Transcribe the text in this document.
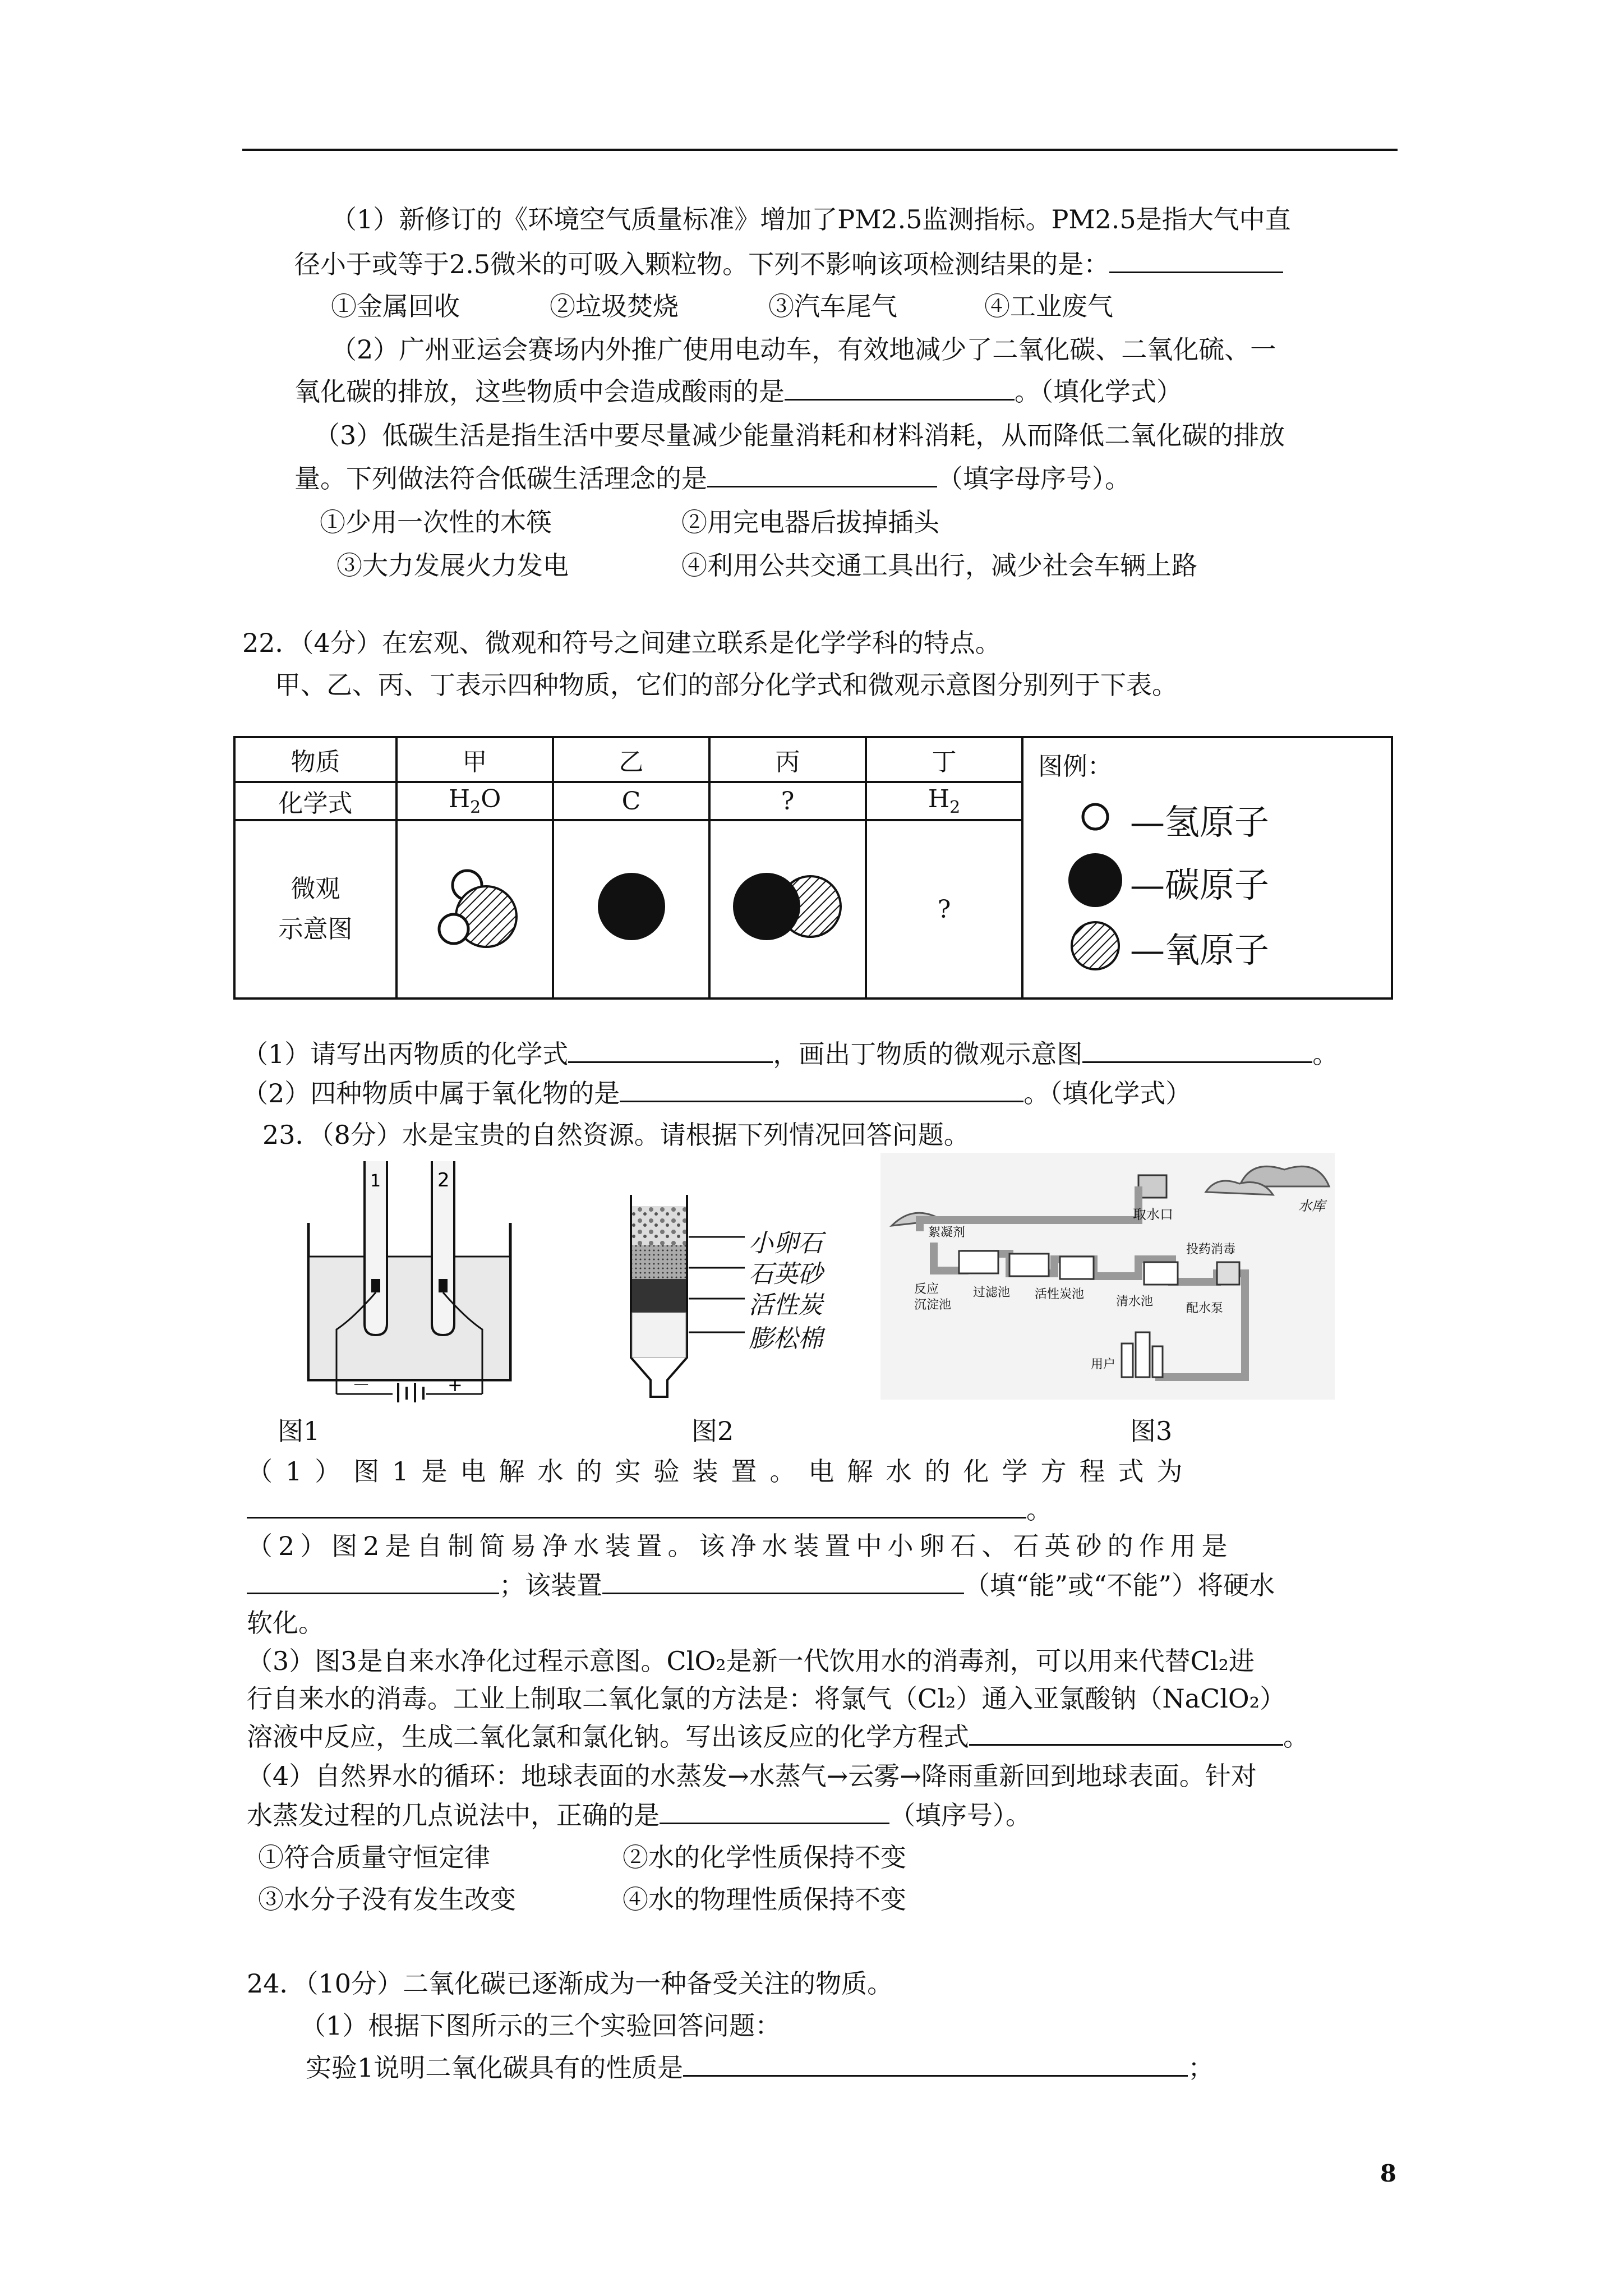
（1）新修订的《环境空气质量标准》增加了PM2.5监测指标。PM2.5是指大气中直
径小于或等于2.5微米的可吸入颗粒物。下列不影响该项检测结果的是：
①金属回收	②垃圾焚烧	③汽车尾气	④工业废气
（2）广州亚运会赛场内外推广使用电动车，有效地减少了二氧化碳、二氧化硫、一
氧化碳的排放，这些物质中会造成酸雨的是	。（填化学式）
（3）低碳生活是指生活中要尽量减少能量消耗和材料消耗，从而降低二氧化碳的排放
量。下列做法符合低碳生活理念的是	（填字母序号）。
①少用一次性的木筷	②用完电器后拔掉插头
③大力发展火力发电	④利用公共交通工具出行，减少社会车辆上路
22．（4分）在宏观、微观和符号之间建立联系是化学学科的特点。
甲、乙、丙、丁表示四种物质，它们的部分化学式和微观示意图分别列于下表。
物质	甲	乙	丙	丁	图例：
—氢原子
—碳原子
—氧原子

化学式	$H_2O$	C	?	$H_2$
微观
示意图				?	
（1）请写出丙物质的化学式	，画出丁物质的微观示意图	。
（2）四种物质中属于氧化物的是	。（填化学式）
23．（8分）水是宝贵的自然资源。请根据下列情况回答问题。
1	2
－	+
小卵石
石英砂
活性炭
膨松棉
取水口
水库
絮凝剂
反应
沉淀池
过滤池 活性炭池
清水池
投药消毒
配水泵
用户
图1	图2	图3
（1）图1是电解水的实验装置。电解水的化学方程式为
。
（2）图2是自制简易净水装置。该净水装置中小卵石、石英砂的作用是
；该装置	（填“能”或“不能”）将硬水
软化。
（3）图3是自来水净化过程示意图。ClO₂是新一代饮用水的消毒剂，可以用来代替Cl₂进
行自来水的消毒。工业上制取二氧化氯的方法是：将氯气（Cl₂）通入亚氯酸钠（NaClO₂）
溶液中反应，生成二氧化氯和氯化钠。写出该反应的化学方程式	。
（4）自然界水的循环：地球表面的水蒸发→水蒸气→云雾→降雨重新回到地球表面。针对
水蒸发过程的几点说法中，正确的是	（填序号）。
①符合质量守恒定律	②水的化学性质保持不变
③水分子没有发生改变	④水的物理性质保持不变
24．（10分）二氧化碳已逐渐成为一种备受关注的物质。
（1）根据下图所示的三个实验回答问题：
实验1说明二氧化碳具有的性质是	；
8
